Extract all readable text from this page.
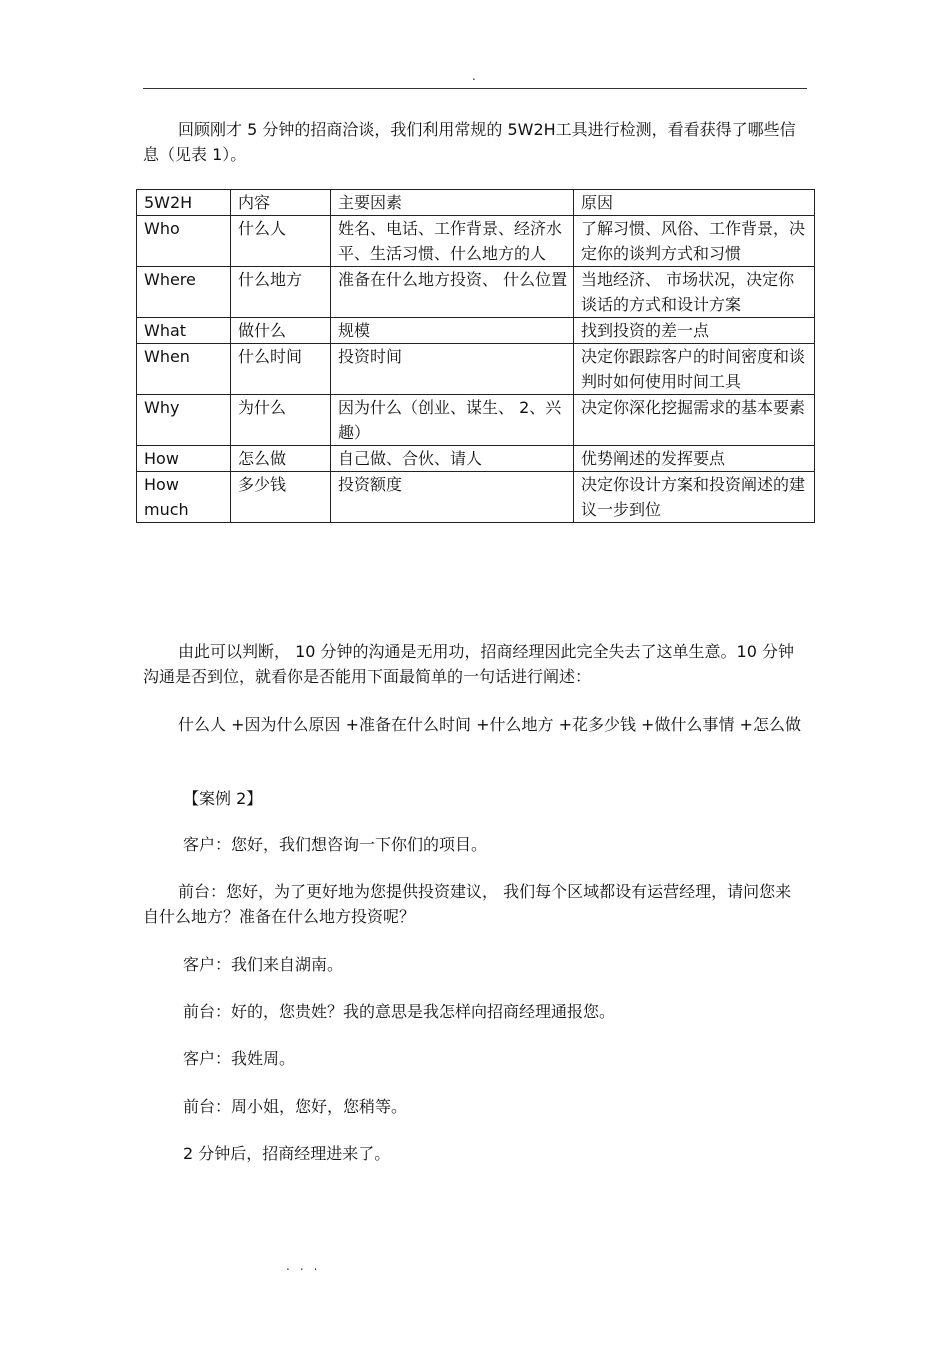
.

回顾刚才 5 分钟的招商洽谈，我们利用常规的 5W2H工具进行检测，看看获得了哪些信息（见表 1）。

5W2H	内容	主要因素	原因
Who	什么人	姓名、电话、工作背景、经济水平、生活习惯、什么地方的人	了解习惯、风俗、工作背景，决定你的谈判方式和习惯
Where	什么地方	准备在什么地方投资、 什么位置	当地经济、 市场状况，决定你谈话的方式和设计方案
What	做什么	规模	找到投资的差一点
When	什么时间	投资时间	决定你跟踪客户的时间密度和谈判时如何使用时间工具
Why	为什么	因为什么（创业、谋生、 2、兴趣）	决定你深化挖掘需求的基本要素
How	怎么做	自己做、合伙、请人	优势阐述的发挥要点
How much	多少钱	投资额度	决定你设计方案和投资阐述的建议一步到位

由此可以判断， 10 分钟的沟通是无用功，招商经理因此完全失去了这单生意。10 分钟沟通是否到位，就看你是否能用下面最简单的一句话进行阐述：

什么人 +因为什么原因 +准备在什么时间 +什么地方 +花多少钱 +做什么事情 +怎么做

【案例 2】

客户：您好，我们想咨询一下你们的项目。

前台：您好，为了更好地为您提供投资建议， 我们每个区域都设有运营经理，请问您来自什么地方？准备在什么地方投资呢？

客户：我们来自湖南。

前台：好的，您贵姓？我的意思是我怎样向招商经理通报您。

客户：我姓周。

前台：周小姐，您好，您稍等。

2 分钟后，招商经理进来了。

...
